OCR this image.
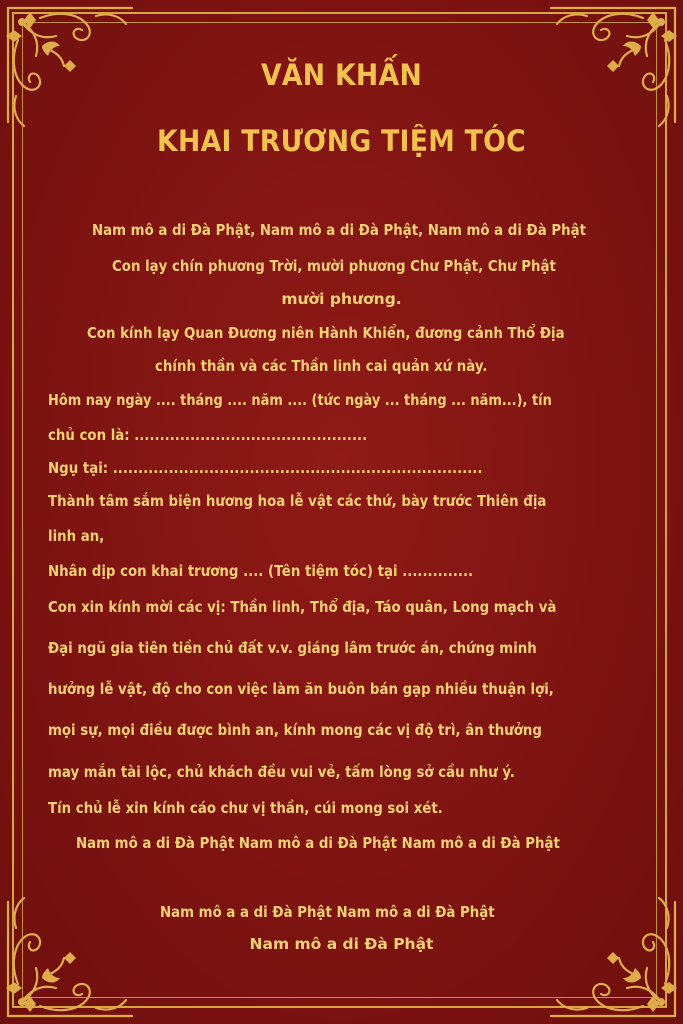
VĂN KHẤN
KHAI TRƯƠNG TIỆM TÓC
Nam mô a di Đà Phật, Nam mô a di Đà Phật, Nam mô a di Đà Phật
Con lạy chín phương Trời, mười phương Chư Phật, Chư Phật
mười phương.
Con kính lạy Quan Đương niên Hành Khiển, đương cảnh Thổ Địa
chính thần và các Thần linh cai quản xứ này.
Hôm nay ngày .... tháng .... năm .... (tức ngày ... tháng ... năm...), tín
chủ con là: ..............................................
Ngụ tại: .........................................................................
Thành tâm sắm biện hương hoa lễ vật các thứ, bày trước Thiên địa
linh an,
Nhân dịp con khai trương .... (Tên tiệm tóc) tại ..............
Con xin kính mời các vị: Thần linh, Thổ địa, Táo quân, Long mạch và
Đại ngũ gia tiên tiền chủ đất v.v. giáng lâm trước án, chứng minh
hưởng lễ vật, độ cho con việc làm ăn buôn bán gạp nhiều thuận lợi,
mọi sự, mọi điều được bình an, kính mong các vị độ trì, ân thưởng
may mắn tài lộc, chủ khách đều vui vẻ, tấm lòng sở cầu như ý.
Tín chủ lễ xin kính cáo chư vị thần, cúi mong soi xét.
Nam mô a di Đà Phật Nam mô a di Đà Phật Nam mô a di Đà Phật
Nam mô a a di Đà Phật Nam mô a di Đà Phật
Nam mô a di Đà Phật
